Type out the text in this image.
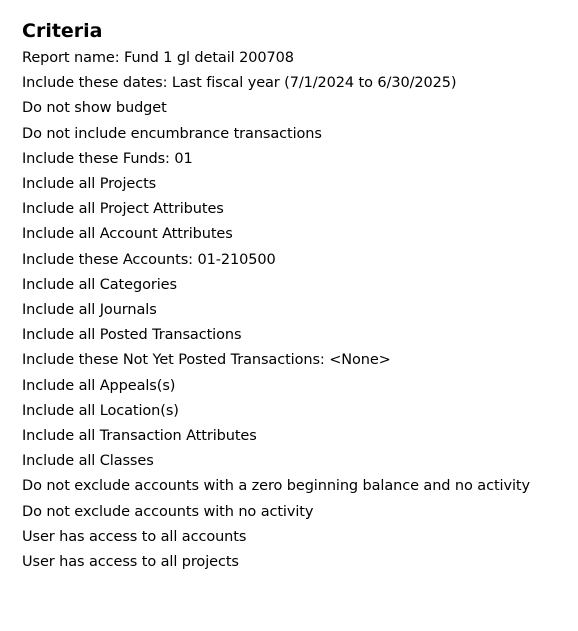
Criteria
Report name: Fund 1 gl detail 200708
Include these dates: Last fiscal year (7/1/2024 to 6/30/2025)
Do not show budget
Do not include encumbrance transactions
Include these Funds: 01
Include all Projects
Include all Project Attributes
Include all Account Attributes
Include these Accounts: 01-210500
Include all Categories
Include all Journals
Include all Posted Transactions
Include these Not Yet Posted Transactions: <None>
Include all Appeals(s)
Include all Location(s)
Include all Transaction Attributes
Include all Classes
Do not exclude accounts with a zero beginning balance and no activity
Do not exclude accounts with no activity
User has access to all accounts
User has access to all projects
